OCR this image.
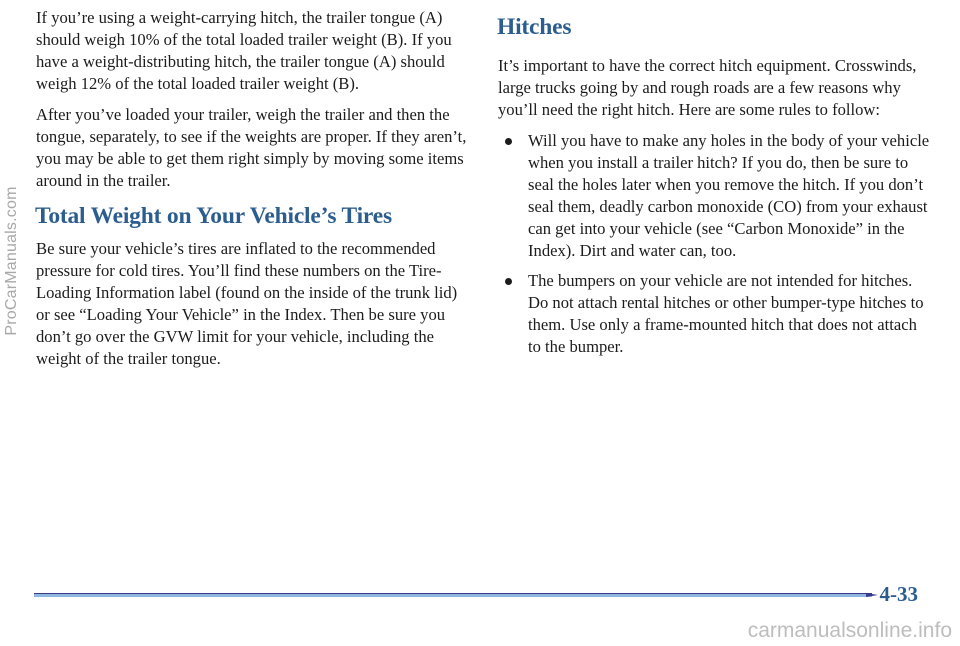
ProCarManuals.com

If you’re using a weight-carrying hitch, the trailer tongue (A) should weigh 10% of the total loaded trailer weight (B). If you have a weight-distributing hitch, the trailer tongue (A) should weigh 12% of the total loaded trailer weight (B).

After you’ve loaded your trailer, weigh the trailer and then the tongue, separately, to see if the weights are proper. If they aren’t, you may be able to get them right simply by moving some items around in the trailer.

Total Weight on Your Vehicle’s Tires

Be sure your vehicle’s tires are inflated to the recommended pressure for cold tires. You’ll find these numbers on the Tire-Loading Information label (found on the inside of the trunk lid) or see “Loading Your Vehicle” in the Index. Then be sure you don’t go over the GVW limit for your vehicle, including the weight of the trailer tongue.

Hitches

It’s important to have the correct hitch equipment. Crosswinds, large trucks going by and rough roads are a few reasons why you’ll need the right hitch. Here are some rules to follow:

Will you have to make any holes in the body of your vehicle when you install a trailer hitch? If you do, then be sure to seal the holes later when you remove the hitch. If you don’t seal them, deadly carbon monoxide (CO) from your exhaust can get into your vehicle (see “Carbon Monoxide” in the Index). Dirt and water can, too.
The bumpers on your vehicle are not intended for hitches. Do not attach rental hitches or other bumper-type hitches to them. Use only a frame-mounted hitch that does not attach to the bumper.
4-33
carmanualsonline.info
